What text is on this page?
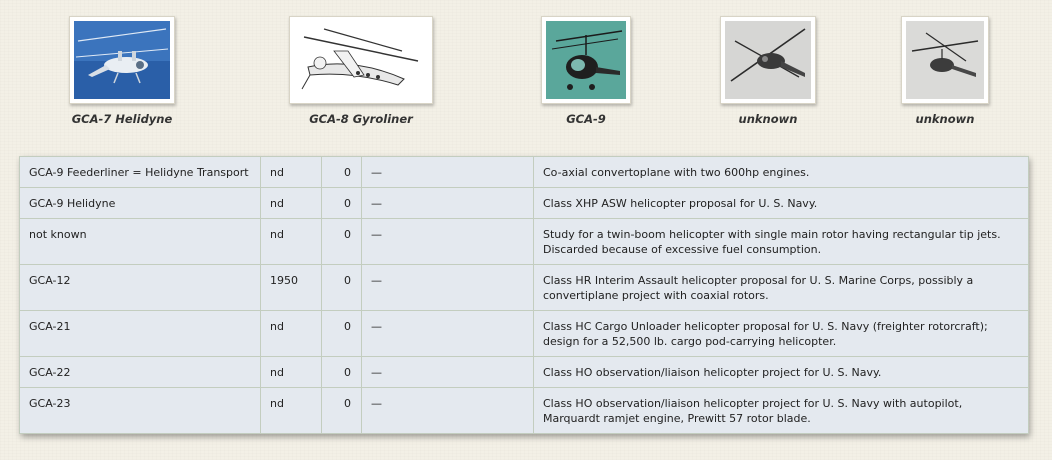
GCA-7 Helidyne	GCA-8 Gyroliner	GCA-9	unknown	unknown
GCA-9 Feederliner = Helidyne Transport	nd	0	—	Co-axial convertoplane with two 600hp engines.
GCA-9 Helidyne	nd	0	—	Class XHP ASW helicopter proposal for U. S. Navy.
not known	nd	0	—	Study for a twin-boom helicopter with single main rotor having rectangular tip jets. Discarded because of excessive fuel consumption.
GCA-12	1950	0	—	Class HR Interim Assault helicopter proposal for U. S. Marine Corps, possibly a convertiplane project with coaxial rotors.
GCA-21	nd	0	—	Class HC Cargo Unloader helicopter proposal for U. S. Navy (freighter rotorcraft); design for a 52,500 lb. cargo pod-carrying helicopter.
GCA-22	nd	0	—	Class HO observation/liaison helicopter project for U. S. Navy.
GCA-23	nd	0	—	Class HO observation/liaison helicopter project for U. S. Navy with autopilot, Marquardt ramjet engine, Prewitt 57 rotor blade.
